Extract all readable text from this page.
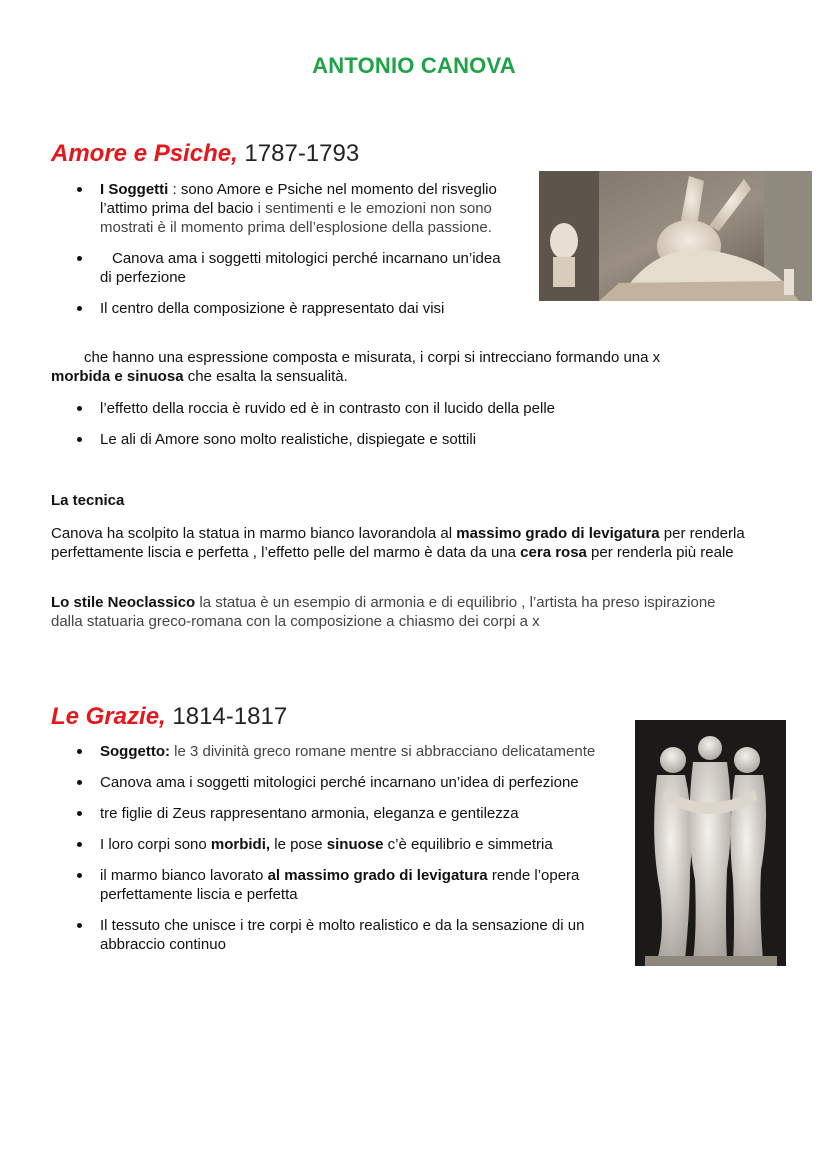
ANTONIO CANOVA
Amore e Psiche, 1787-1793
I Soggetti : sono Amore e Psiche nel momento del risveglio l’attimo prima del bacio i sentimenti e le emozioni non sono mostrati è il momento prima dell’esplosione della passione.
Canova ama i soggetti mitologici perché incarnano un’idea di perfezione
Il centro della composizione è rappresentato dai visi
che hanno una espressione composta e misurata, i corpi si intrecciano formando una x
morbida e sinuosa che esalta la sensualità.
l’effetto della roccia è ruvido ed è in contrasto con il lucido della pelle
Le ali di Amore sono molto realistiche, dispiegate e sottili
La tecnica
Canova ha scolpito la statua in marmo bianco lavorandola al massimo grado di levigatura per renderla perfettamente liscia e perfetta , l’effetto pelle del marmo è data da una cera rosa per renderla più reale
Lo stile Neoclassico la statua è un esempio di armonia e di equilibrio , l’artista ha preso ispirazione dalla statuaria greco-romana con la composizione a chiasmo dei corpi a x
Le Grazie, 1814-1817
Soggetto: le 3 divinità greco romane mentre si abbracciano delicatamente
Canova ama i soggetti mitologici perché incarnano un’idea di perfezione
tre figlie di Zeus rappresentano armonia, eleganza e gentilezza
I loro corpi sono morbidi, le pose sinuose c’è equilibrio e simmetria
il marmo bianco lavorato al massimo grado di levigatura rende l’opera perfettamente liscia e perfetta
Il tessuto che unisce i tre corpi è molto realistico e da la sensazione di un abbraccio continuo
